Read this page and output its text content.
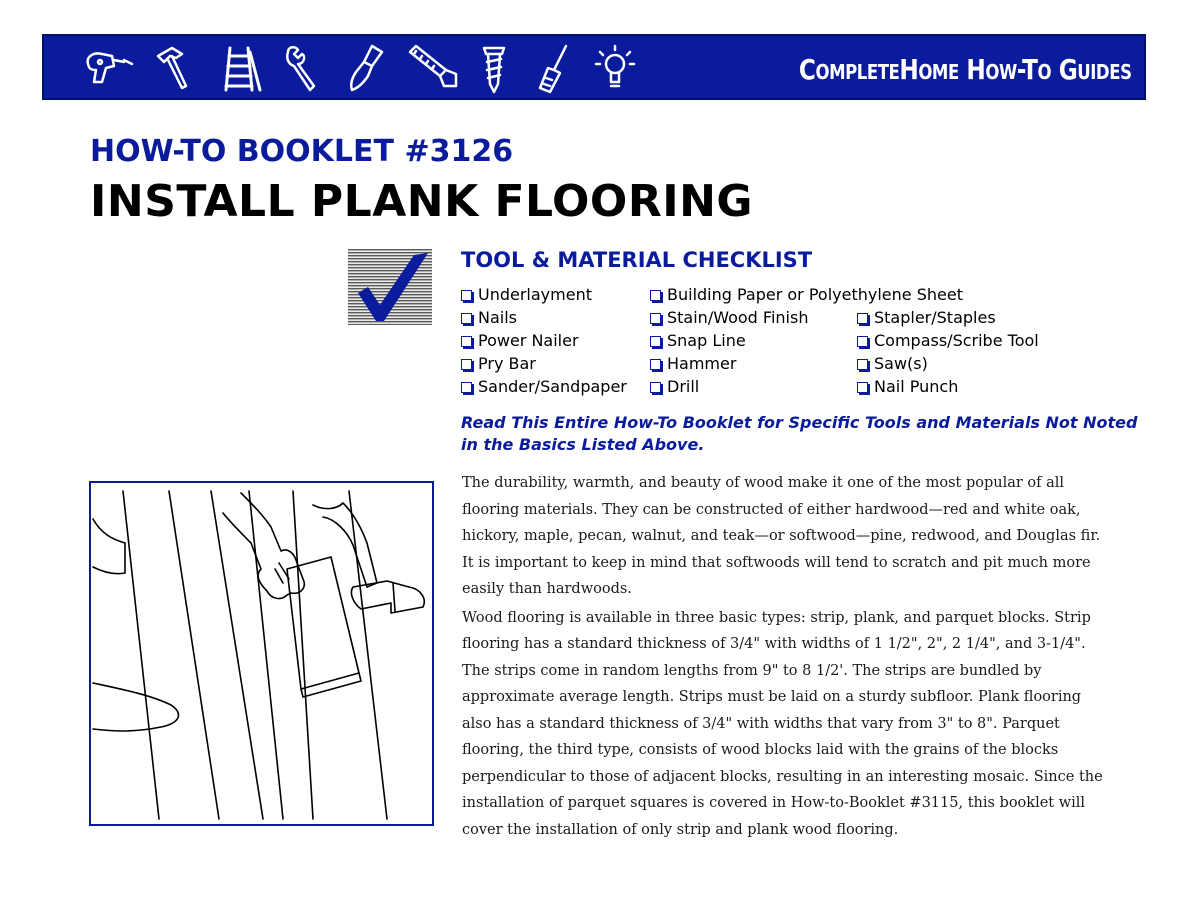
CompleteHome How-To Guides
HOW-TO BOOKLET #3126
INSTALL PLANK FLOORING
TOOL & MATERIAL CHECKLIST
Underlayment	Building Paper or Polyethylene Sheet
Nails	Stain/Wood Finish	Stapler/Staples
Power Nailer	Snap Line	Compass/Scribe Tool
Pry Bar	Hammer	Saw(s)
Sander/Sandpaper	Drill	Nail Punch
Read This Entire How-To Booklet for Specific Tools and Materials Not Noted in the Basics Listed Above.

The durability, warmth, and beauty of wood make it one of the most popular of all flooring materials. They can be constructed of either hardwood—red and white oak, hickory, maple, pecan, walnut, and teak—or softwood—pine, redwood, and Douglas fir. It is important to keep in mind that softwoods will tend to scratch and pit much more easily than hardwoods.

Wood flooring is available in three basic types: strip, plank, and parquet blocks. Strip flooring has a standard thickness of 3/4" with widths of 1 1/2", 2", 2 1/4", and 3-1/4". The strips come in random lengths from 9" to 8 1/2'. The strips are bundled by approximate average length. Strips must be laid on a sturdy subfloor. Plank flooring also has a standard thickness of 3/4" with widths that vary from 3" to 8". Parquet flooring, the third type, consists of wood blocks laid with the grains of the blocks perpendicular to those of adjacent blocks, resulting in an interesting mosaic. Since the installation of parquet squares is covered in How-to-Booklet #3115, this booklet will cover the installation of only strip and plank wood flooring.
